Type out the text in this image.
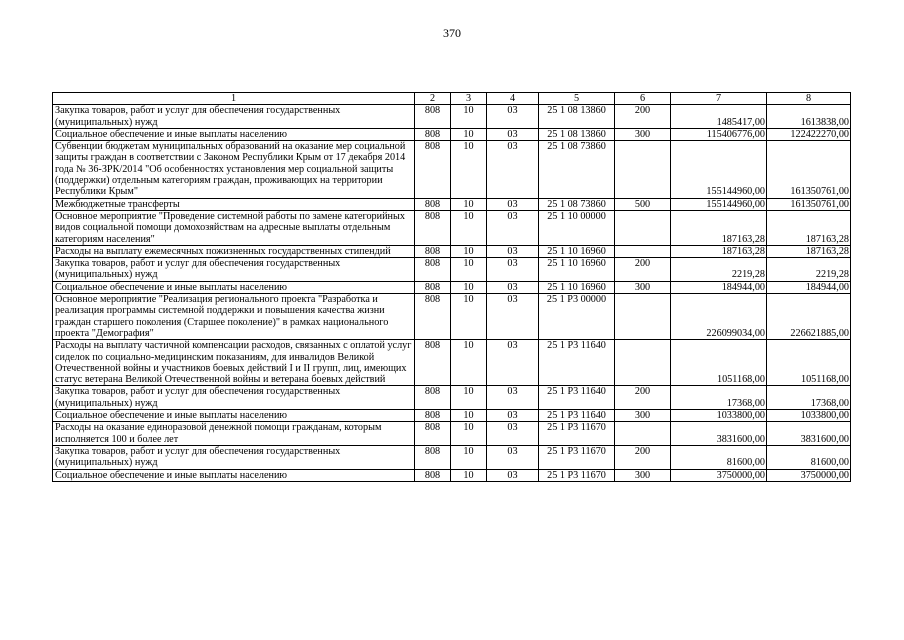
370
1	2	3	4	5	6	7	8
Закупка товаров, работ и услуг для обеспечения государственных (муниципальных) нужд	808	10	03	25 1 08 13860	200	1485417,00	1613838,00
Социальное обеспечение и иные выплаты населению	808	10	03	25 1 08 13860	300	115406776,00	122422270,00
Субвенции бюджетам муниципальных образований на оказание мер социальной защиты граждан в соответствии с Законом Республики Крым от 17 декабря 2014 года № 36-ЗРК/2014 "Об особенностях установления мер социальной защиты (поддержки) отдельным категориям граждан, проживающих на территории Республики Крым"	808	10	03	25 1 08 73860		155144960,00	161350761,00
Межбюджетные трансферты	808	10	03	25 1 08 73860	500	155144960,00	161350761,00
Основное мероприятие "Проведение системной работы по замене категорийных видов социальной помощи домохозяйствам на адресные выплаты отдельным категориям населения"	808	10	03	25 1 10 00000		187163,28	187163,28
Расходы на выплату ежемесячных пожизненных государственных стипендий	808	10	03	25 1 10 16960		187163,28	187163,28
Закупка товаров, работ и услуг для обеспечения государственных (муниципальных) нужд	808	10	03	25 1 10 16960	200	2219,28	2219,28
Социальное обеспечение и иные выплаты населению	808	10	03	25 1 10 16960	300	184944,00	184944,00
Основное мероприятие "Реализация регионального проекта "Разработка и реализация программы системной поддержки и повышения качества жизни граждан старшего поколения (Старшее поколение)" в рамках национального проекта "Демография"	808	10	03	25 1 P3 00000		226099034,00	226621885,00
Расходы на выплату частичной компенсации расходов, связанных с оплатой услуг сиделок по социально-медицинским показаниям, для инвалидов Великой Отечественной войны и участников боевых действий I и II групп, лиц, имеющих статус ветерана Великой Отечественной войны и ветерана боевых действий	808	10	03	25 1 P3 11640		1051168,00	1051168,00
Закупка товаров, работ и услуг для обеспечения государственных (муниципальных) нужд	808	10	03	25 1 P3 11640	200	17368,00	17368,00
Социальное обеспечение и иные выплаты населению	808	10	03	25 1 P3 11640	300	1033800,00	1033800,00
Расходы на оказание единоразовой денежной помощи гражданам, которым исполняется 100 и более лет	808	10	03	25 1 P3 11670		3831600,00	3831600,00
Закупка товаров, работ и услуг для обеспечения государственных (муниципальных) нужд	808	10	03	25 1 P3 11670	200	81600,00	81600,00
Социальное обеспечение и иные выплаты населению	808	10	03	25 1 P3 11670	300	3750000,00	3750000,00
